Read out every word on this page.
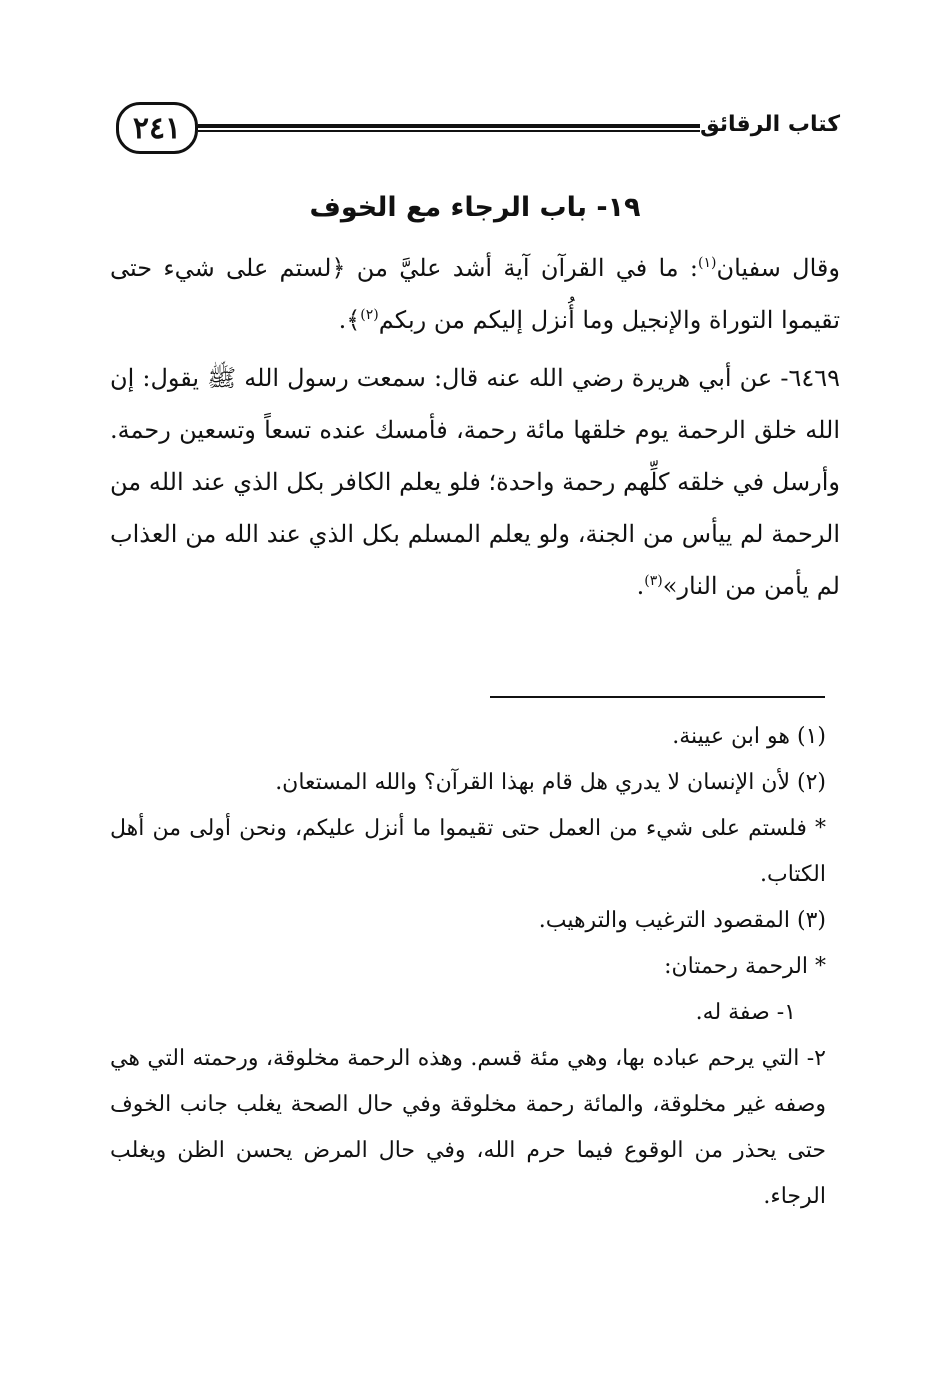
٢٤١	كتاب الرقائق
١٩- باب الرجاء مع الخوف

وقال سفيان$^{(١)}$: ما في القرآن آية أشد عليَّ من ﴿لستم على شيء حتى تقيموا التوراة والإنجيل وما أُنزل إليكم من ربكم$^{(٢)}$﴾.

٦٤٦٩- عن أبي هريرة رضي الله عنه قال: سمعت رسول الله ﷺ يقول: إن الله خلق الرحمة يوم خلقها مائة رحمة، فأمسك عنده تسعاً وتسعين رحمة. وأرسل في خلقه كلِّهم رحمة واحدة؛ فلو يعلم الكافر بكل الذي عند الله من الرحمة لم ييأس من الجنة، ولو يعلم المسلم بكل الذي عند الله من العذاب لم يأمن من النار»$^{(٣)}$.

(١) هو ابن عيينة.

(٢) لأن الإنسان لا يدري هل قام بهذا القرآن؟ والله المستعان.

* فلستم على شيء من العمل حتى تقيموا ما أنزل عليكم، ونحن أولى من أهل الكتاب.

(٣) المقصود الترغيب والترهيب.

* الرحمة رحمتان:

١- صفة له.

٢- التي يرحم عباده بها، وهي مئة قسم. وهذه الرحمة مخلوقة، ورحمته التي هي وصفه غير مخلوقة، والمائة رحمة مخلوقة وفي حال الصحة يغلب جانب الخوف حتى يحذر من الوقوع فيما حرم الله، وفي حال المرض يحسن الظن ويغلب الرجاء.
